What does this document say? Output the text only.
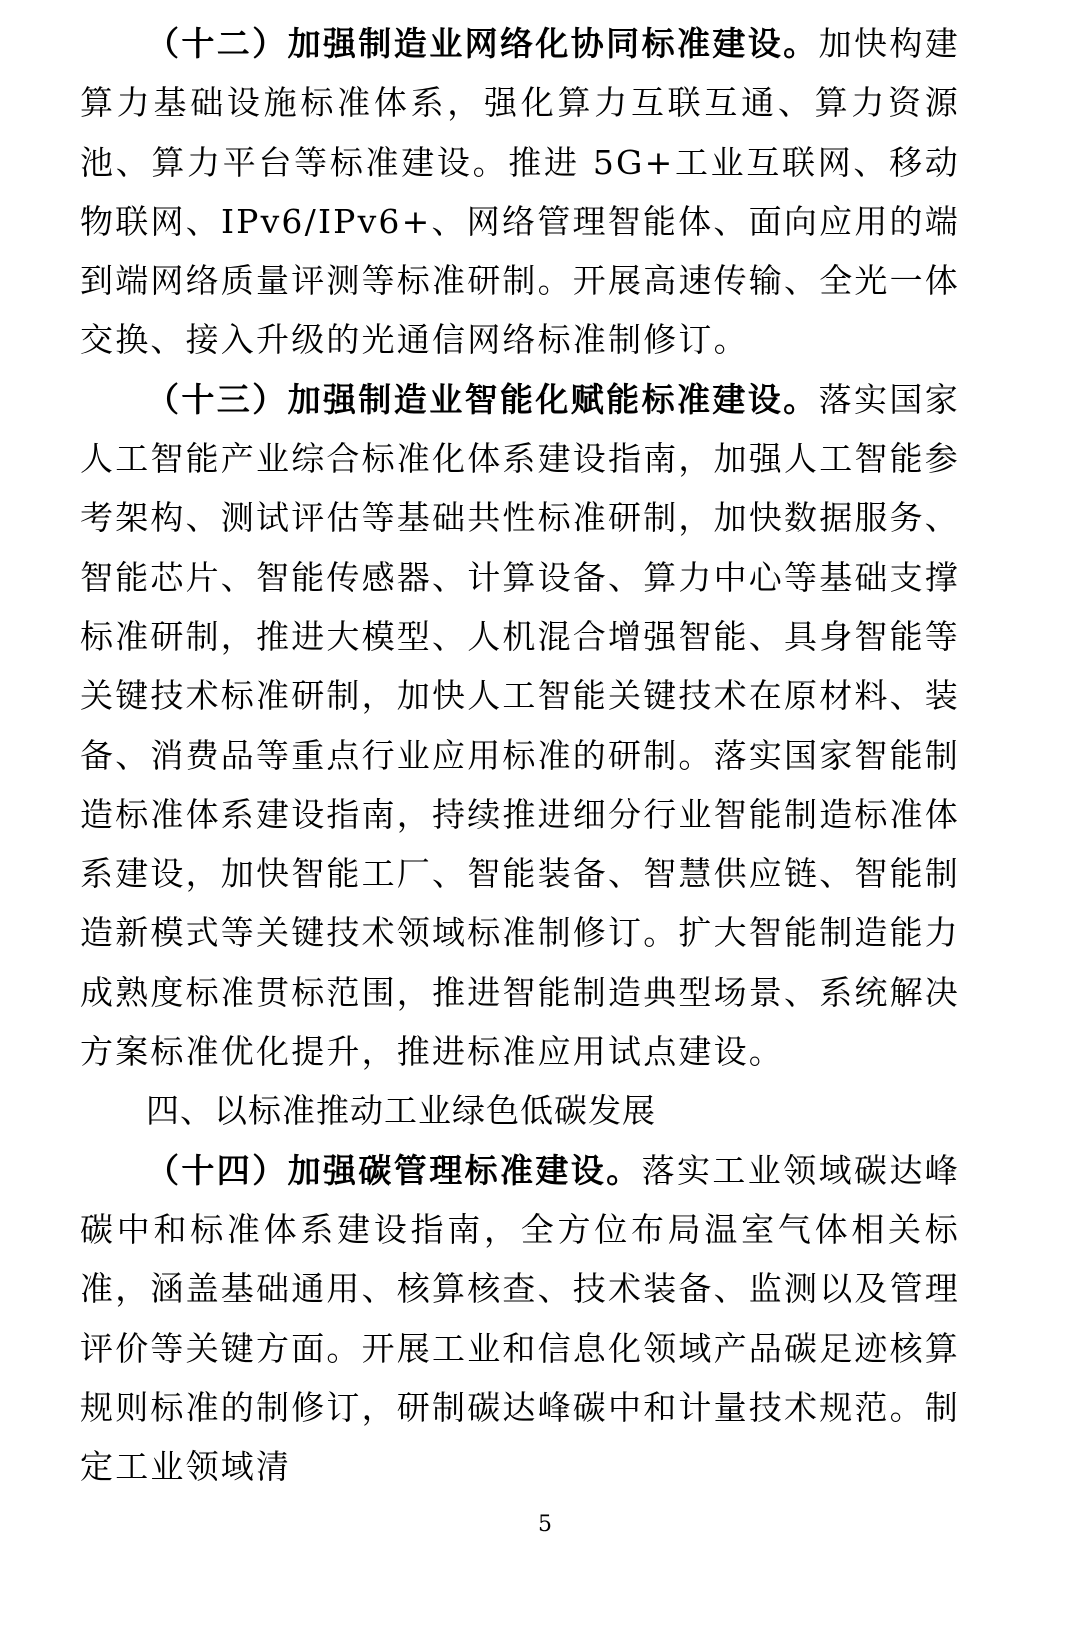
（十二）加强制造业网络化协同标准建设。加快构建算力基础设施标准体系，强化算力互联互通、算力资源池、算力平台等标准建设。推进 5G+工业互联网、移动物联网、IPv6/IPv6+、网络管理智能体、面向应用的端到端网络质量评测等标准研制。开展高速传输、全光一体交换、接入升级的光通信网络标准制修订。

（十三）加强制造业智能化赋能标准建设。落实国家人工智能产业综合标准化体系建设指南，加强人工智能参考架构、测试评估等基础共性标准研制，加快数据服务、智能芯片、智能传感器、计算设备、算力中心等基础支撑标准研制，推进大模型、人机混合增强智能、具身智能等关键技术标准研制，加快人工智能关键技术在原材料、装备、消费品等重点行业应用标准的研制。落实国家智能制造标准体系建设指南，持续推进细分行业智能制造标准体系建设，加快智能工厂、智能装备、智慧供应链、智能制造新模式等关键技术领域标准制修订。扩大智能制造能力成熟度标准贯标范围，推进智能制造典型场景、系统解决方案标准优化提升，推进标准应用试点建设。

四、以标准推动工业绿色低碳发展

（十四）加强碳管理标准建设。落实工业领域碳达峰碳中和标准体系建设指南，全方位布局温室气体相关标准，涵盖基础通用、核算核查、技术装备、监测以及管理评价等关键方面。开展工业和信息化领域产品碳足迹核算规则标准的制修订，研制碳达峰碳中和计量技术规范。制定工业领域清

5
